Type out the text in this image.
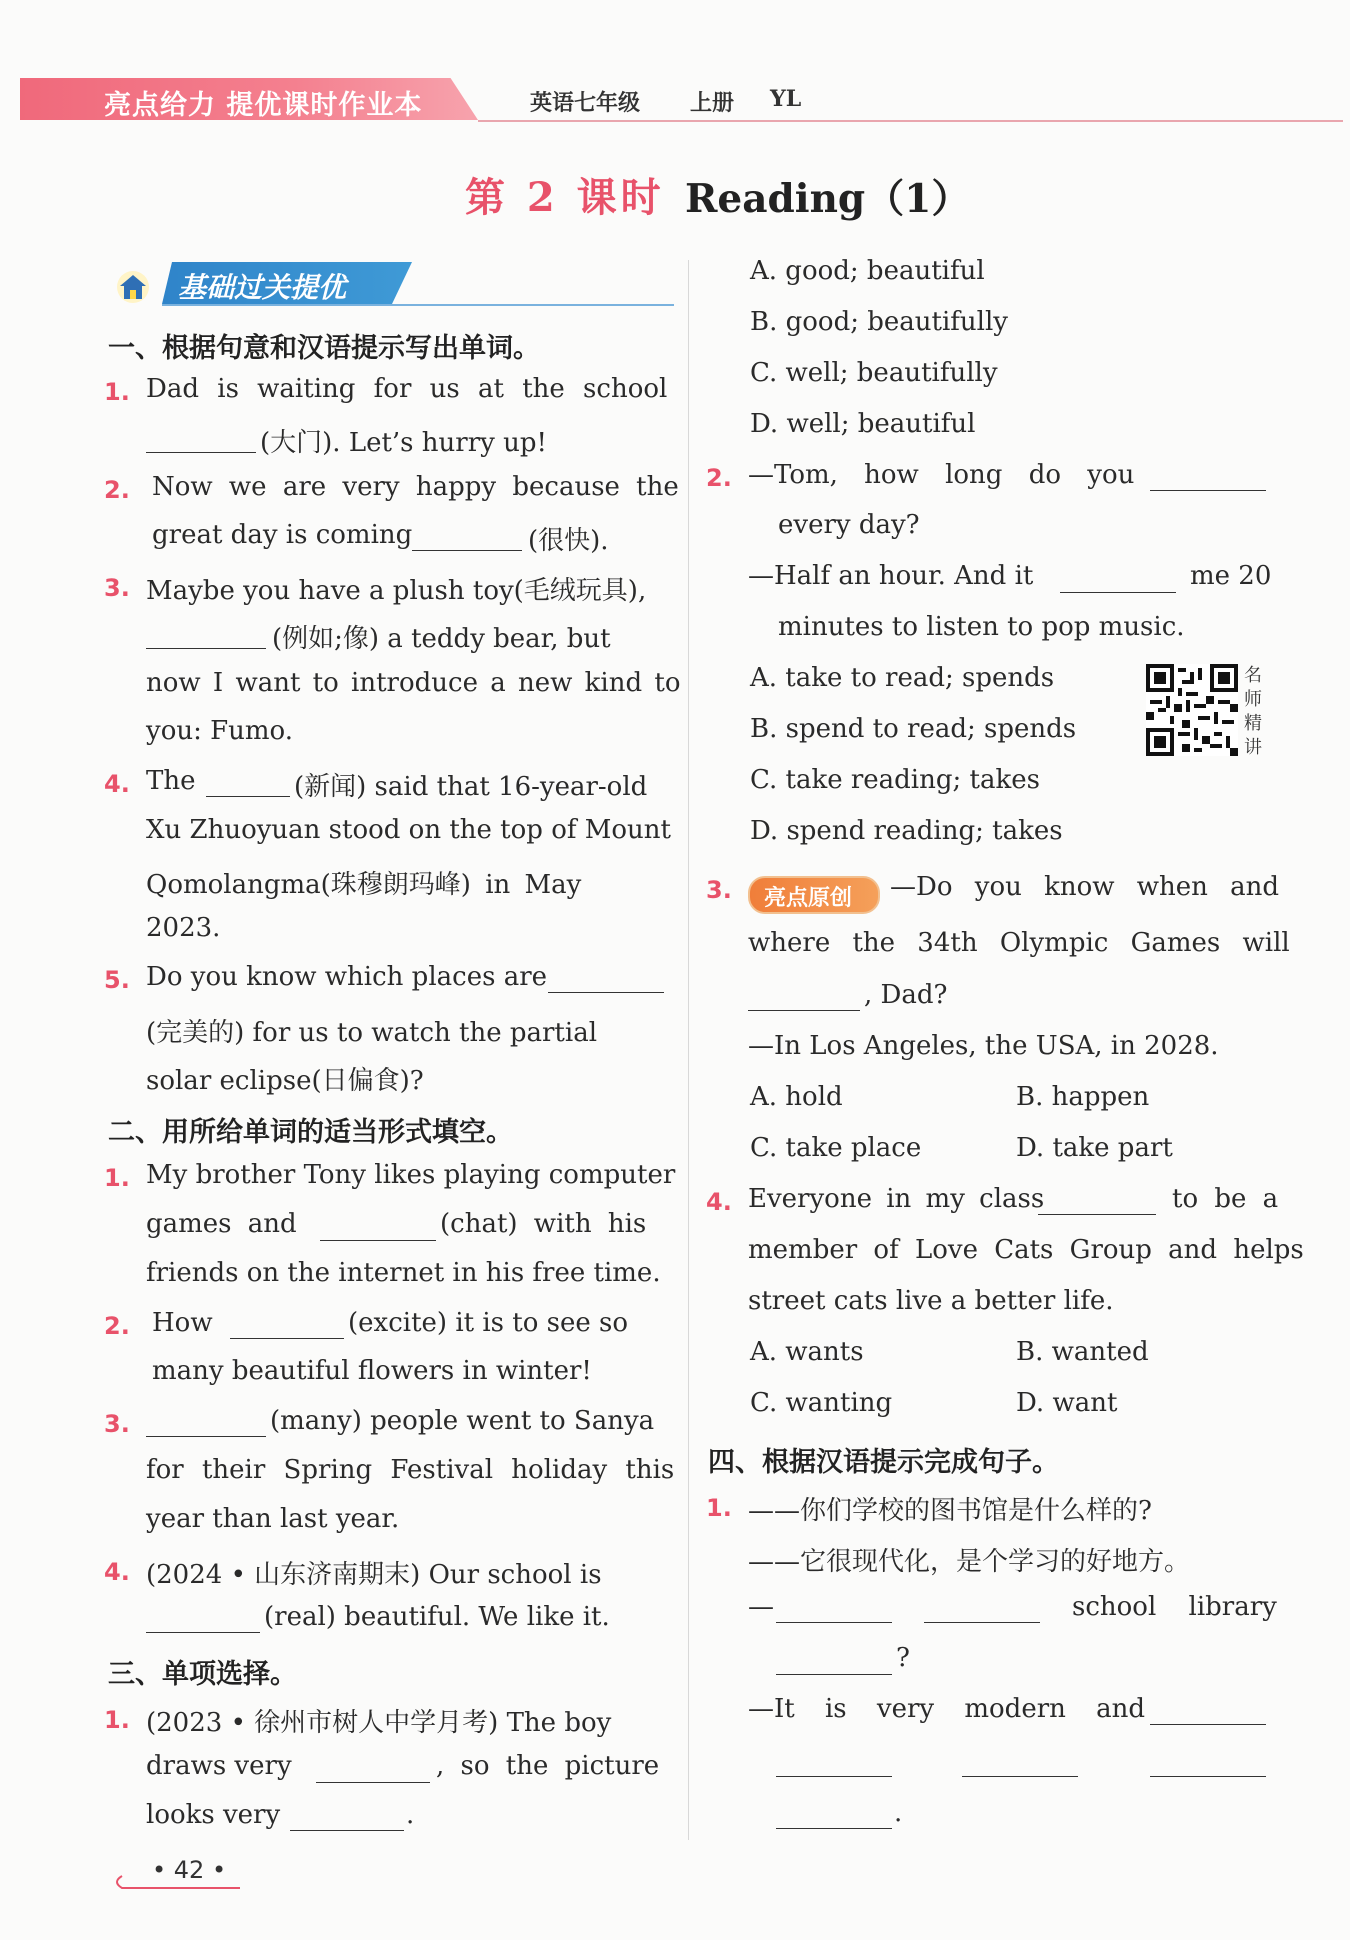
亮点给力 提优课时作业本	英语七年级 上册 YL
第 2 课时 Reading（1）
基础过关提优
一、根据句意和汉语提示写出单词。
1. Dad is waiting for us at the school
(大门). Let’s hurry up!
2. Now we are very happy because the
great day is coming	(很快).
3. Maybe you have a plush toy(毛绒玩具),
(例如;像) a teddy bear, but
now I want to introduce a new kind to
you: Fumo.
4. The	(新闻) said that 16-year-old
Xu Zhuoyuan stood on the top of Mount
Qomolangma(珠穆朗玛峰) in May
2023.
5. Do you know which places are
(完美的) for us to watch the partial
solar eclipse(日偏食)?
二、用所给单词的适当形式填空。
1. My brother Tony likes playing computer
games and	(chat) with his
friends on the internet in his free time.
2. How	(excite) it is to see so
many beautiful flowers in winter!
3.	(many) people went to Sanya
for their Spring Festival holiday this
year than last year.
4. (2024 • 山东济南期末) Our school is
(real) beautiful. We like it.
三、单项选择。
1. (2023 • 徐州市树人中学月考) The boy
draws very	, so the picture
looks very	.
A. good; beautiful
B. good; beautifully
C. well; beautifully
D. well; beautiful
2. —Tom, how long do you
every day?
—Half an hour. And it	me 20
minutes to listen to pop music.
A. take to read; spends
B. spend to read; spends
C. take reading; takes
D. spend reading; takes
名师精讲
3. 亮点原创 —Do you know when and
where the 34th Olympic Games will
, Dad?
—In Los Angeles, the USA, in 2028.
A. hold	B. happen
C. take place	D. take part
4. Everyone in my class	to be a
member of Love Cats Group and helps
street cats live a better life.
A. wants	B. wanted
C. wanting	D. want
四、根据汉语提示完成句子。
1. ——你们学校的图书馆是什么样的?
——它很现代化，是个学习的好地方。
—	school library
?
—It is very modern and
.
• 42 •
